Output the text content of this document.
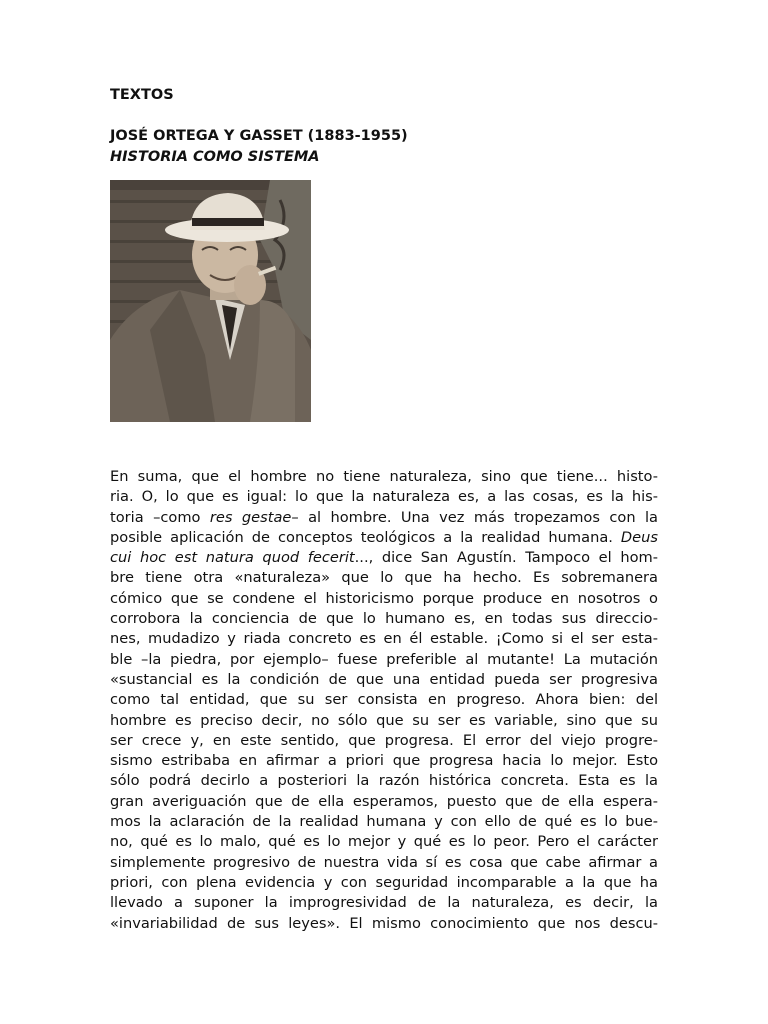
TEXTOS
JOSÉ ORTEGA Y GASSET (1883-1955)
HISTORIA COMO SISTEMA
En suma, que el hombre no tiene naturaleza, sino que tiene... histo-
ria. O, lo que es igual: lo que la naturaleza es, a las cosas, es la his-
toria –como res gestae– al hombre. Una vez más tropezamos con la
posible aplicación de conceptos teológicos a la realidad humana. Deus
cui hoc est natura quod fecerit..., dice San Agustín. Tampoco el hom-
bre tiene otra «naturaleza» que lo que ha hecho. Es sobremanera
cómico que se condene el historicismo porque produce en nosotros o
corrobora la conciencia de que lo humano es, en todas sus direccio-
nes, mudadizo y riada concreto es en él estable. ¡Como si el ser esta-
ble –la piedra, por ejemplo– fuese preferible al mutante! La mutación
«sustancial es la condición de que una entidad pueda ser progresiva
como tal entidad, que su ser consista en progreso. Ahora bien: del
hombre es preciso decir, no sólo que su ser es variable, sino que su
ser crece y, en este sentido, que progresa. El error del viejo progre-
sismo estribaba en afirmar a priori que progresa hacia lo mejor. Esto
sólo podrá decirlo a posteriori la razón histórica concreta. Esta es la
gran averiguación que de ella esperamos, puesto que de ella espera-
mos la aclaración de la realidad humana y con ello de qué es lo bue-
no, qué es lo malo, qué es lo mejor y qué es lo peor. Pero el carácter
simplemente progresivo de nuestra vida sí es cosa que cabe afirmar a
priori, con plena evidencia y con seguridad incomparable a la que ha
llevado a suponer la improgresividad de la naturaleza, es decir, la
«invariabilidad de sus leyes». El mismo conocimiento que nos descu-
